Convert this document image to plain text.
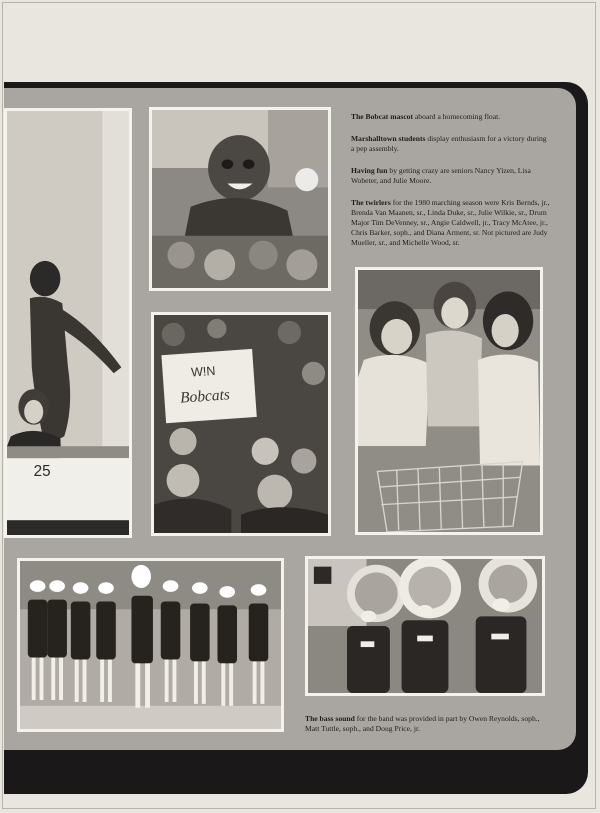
25
W!N
Bobcats

The Bobcat mascot aboard a homecoming float.

Marshalltown students display enthusiasm for a victory during a pep assembly.

Having fun by getting crazy are seniors Nancy Yizen, Lisa Wobeter, and Julie Moore.

The twirlers for the 1980 marching season were Kris Bernds, jr., Brenda Van Maanen, sr., Linda Duke, sr., Julie Wilkie, sr., Drum Major Tim DeVenney, sr., Angie Caldwell, jr., Tracy McAtee, jr., Chris Barker, soph., and Diana Arment, sr. Not pictured are Judy Mueller, sr., and Michelle Wood, sr.

The bass sound for the band was provided in part by Owen Reynolds, soph., Matt Tuttle, soph., and Doug Price, jr.
